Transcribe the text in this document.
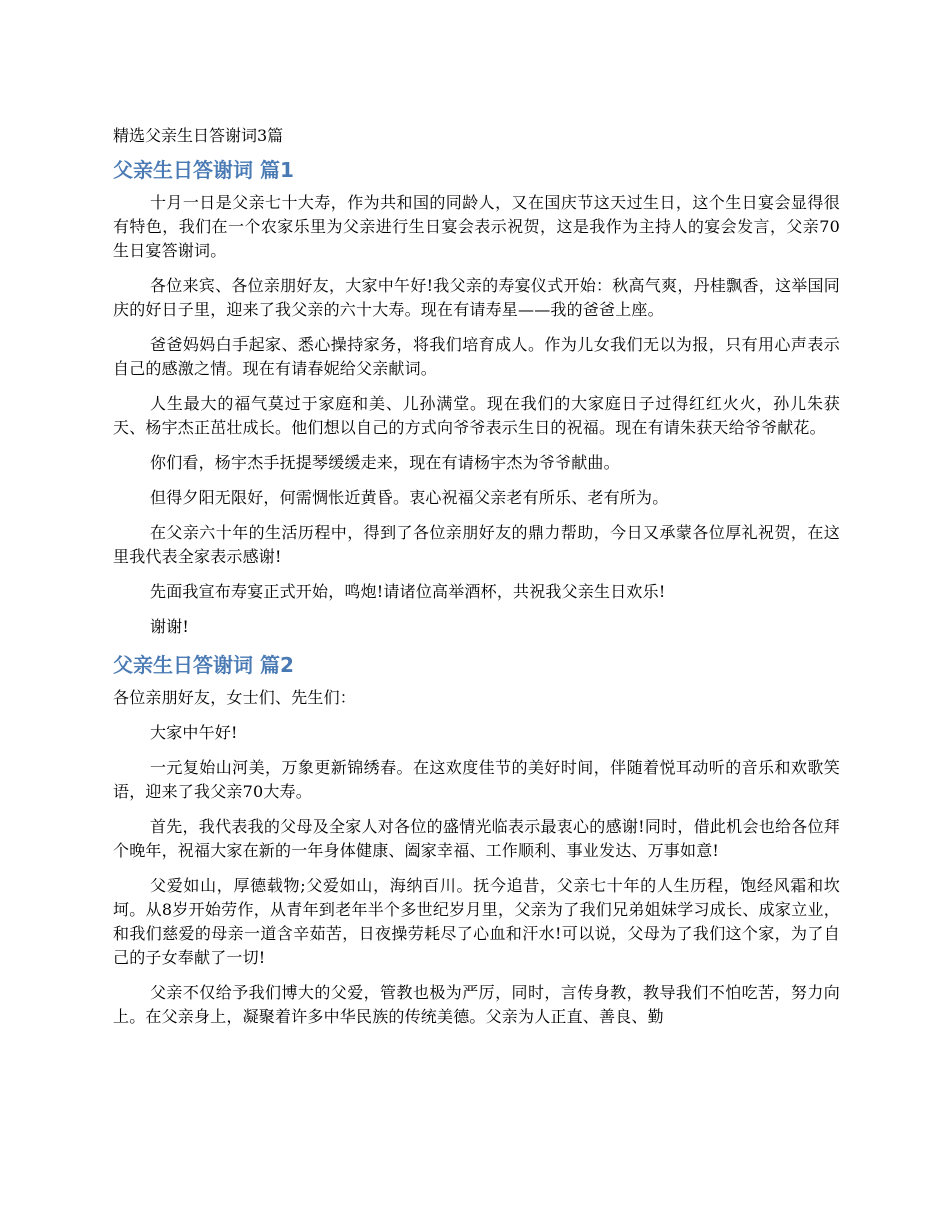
精选父亲生日答谢词3篇
父亲生日答谢词 篇1

十月一日是父亲七十大寿，作为共和国的同龄人，又在国庆节这天过生日，这个生日宴会显得很有特色，我们在一个农家乐里为父亲进行生日宴会表示祝贺，这是我作为主持人的宴会发言，父亲70生日宴答谢词。

各位来宾、各位亲朋好友，大家中午好!我父亲的寿宴仪式开始：秋高气爽，丹桂飘香，这举国同庆的好日子里，迎来了我父亲的六十大寿。现在有请寿星——我的爸爸上座。

爸爸妈妈白手起家、悉心操持家务，将我们培育成人。作为儿女我们无以为报，只有用心声表示自己的感激之情。现在有请春妮给父亲献词。

人生最大的福气莫过于家庭和美、儿孙满堂。现在我们的大家庭日子过得红红火火，孙儿朱获天、杨宇杰正茁壮成长。他们想以自己的方式向爷爷表示生日的祝福。现在有请朱获天给爷爷献花。

你们看，杨宇杰手抚提琴缓缓走来，现在有请杨宇杰为爷爷献曲。

但得夕阳无限好，何需惆怅近黄昏。衷心祝福父亲老有所乐、老有所为。

在父亲六十年的生活历程中，得到了各位亲朋好友的鼎力帮助，今日又承蒙各位厚礼祝贺，在这里我代表全家表示感谢!

先面我宣布寿宴正式开始，鸣炮!请诸位高举酒杯，共祝我父亲生日欢乐!

谢谢!

父亲生日答谢词 篇2

各位亲朋好友，女士们、先生们：

大家中午好!

一元复始山河美，万象更新锦绣春。在这欢度佳节的美好时间，伴随着悦耳动听的音乐和欢歌笑语，迎来了我父亲70大寿。

首先，我代表我的父母及全家人对各位的盛情光临表示最衷心的感谢!同时，借此机会也给各位拜个晚年，祝福大家在新的一年身体健康、阖家幸福、工作顺利、事业发达、万事如意!

父爱如山，厚德载物;父爱如山，海纳百川。抚今追昔，父亲七十年的人生历程，饱经风霜和坎坷。从8岁开始劳作，从青年到老年半个多世纪岁月里，父亲为了我们兄弟姐妹学习成长、成家立业，和我们慈爱的母亲一道含辛茹苦，日夜操劳耗尽了心血和汗水!可以说，父母为了我们这个家，为了自己的子女奉献了一切!

父亲不仅给予我们博大的父爱，管教也极为严厉，同时，言传身教，教导我们不怕吃苦，努力向上。在父亲身上，凝聚着许多中华民族的传统美德。父亲为人正直、善良、勤
